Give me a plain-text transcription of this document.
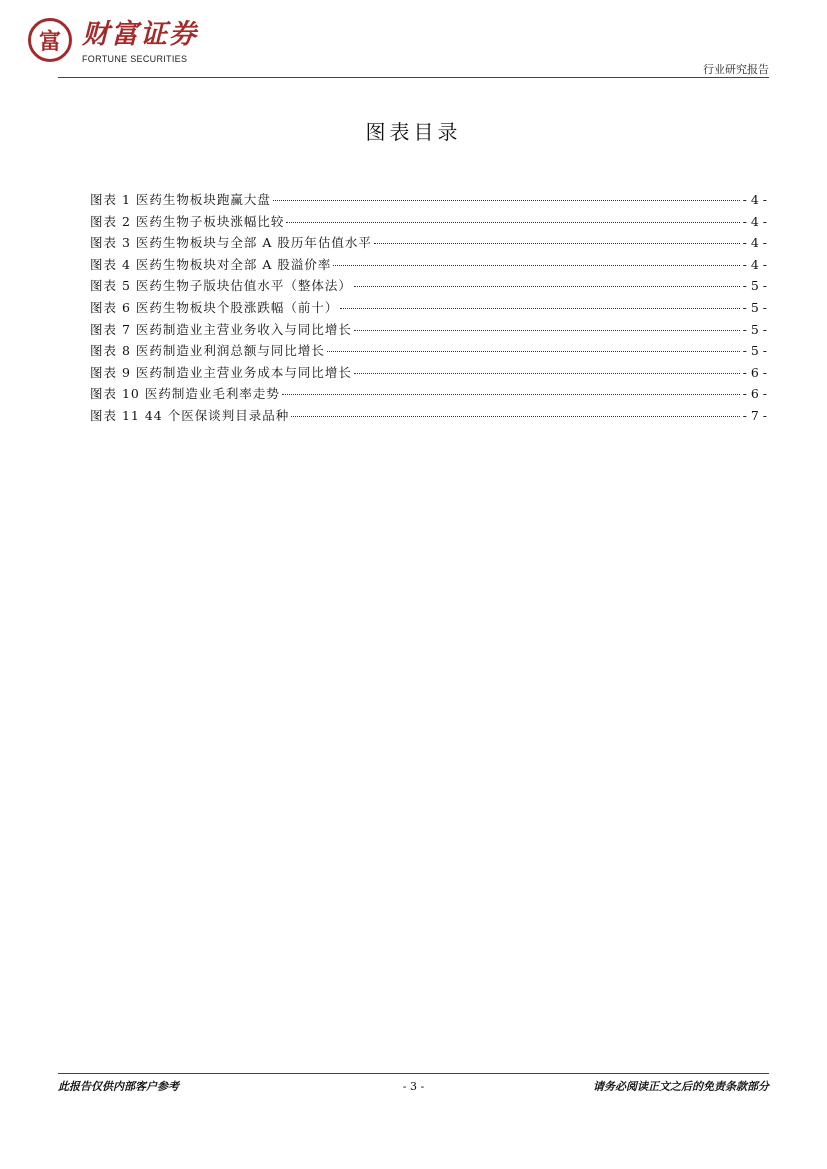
富 财富证券
FORTUNE SECURITIES
行业研究报告
图表目录
图表 1 医药生物板块跑赢大盘	- 4 -
图表 2 医药生物子板块涨幅比较	- 4 -
图表 3 医药生物板块与全部 A 股历年估值水平	- 4 -
图表 4 医药生物板块对全部 A 股溢价率	- 4 -
图表 5 医药生物子版块估值水平（整体法）	- 5 -
图表 6 医药生物板块个股涨跌幅（前十）	- 5 -
图表 7 医药制造业主营业务收入与同比增长	- 5 -
图表 8 医药制造业利润总额与同比增长	- 5 -
图表 9 医药制造业主营业务成本与同比增长	- 6 -
图表 10 医药制造业毛利率走势	- 6 -
图表 11 44 个医保谈判目录品种	- 7 -
此报告仅供内部客户参考	- 3 -	请务必阅读正文之后的免责条款部分
